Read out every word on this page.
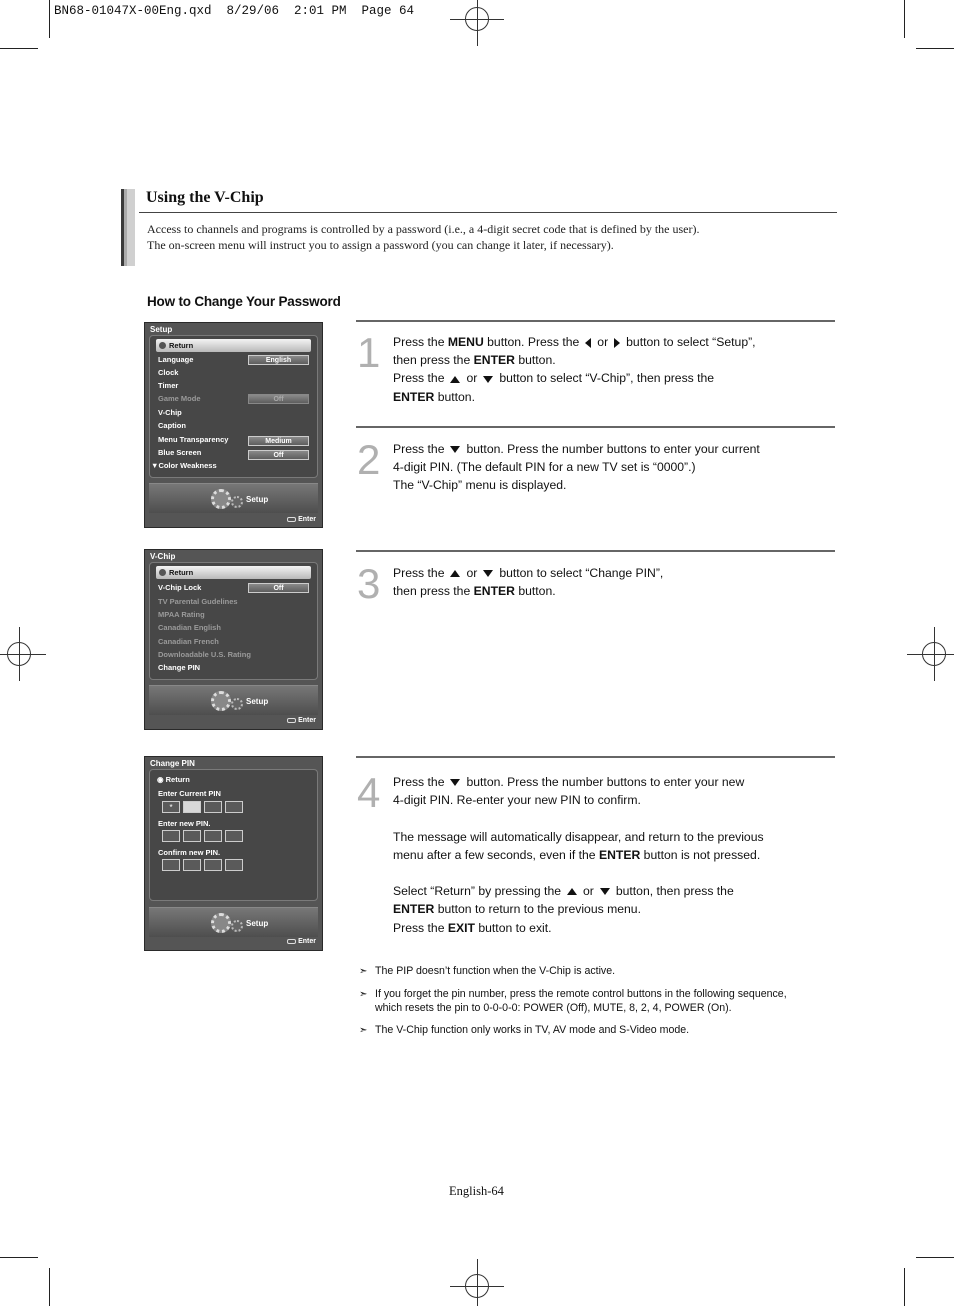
BN68-01047X-00Eng.qxd  8/29/06  2:01 PM  Page 64
Using the V-Chip
Access to channels and programs is controlled by a password (i.e., a 4-digit secret code that is defined by the user).
The on-screen menu will instruct you to assign a password (you can change it later, if necessary).
How to Change Your Password
Setup
Return
Language	English
Clock
Timer
Game Mode	Off
V-Chip
Caption
Menu Transparency	Medium
Blue Screen	Off
▼Color Weakness
Setup
Enter
V-Chip
Return
V-Chip Lock	Off
TV Parental Gudelines
MPAA Rating
Canadian English
Canadian French
Downloadable U.S. Rating
Change PIN
Setup
Enter
Change PIN
◉ Return
Enter Current PIN
*
Enter new PIN.
Confirm new PIN.
Setup
Enter
1 Press the MENU button. Press the or button to select “Setup”,
then press the ENTER button.
Press the or button to select “V-Chip”, then press the
ENTER button.
2 Press the button. Press the number buttons to enter your current
4-digit PIN. (The default PIN for a new TV set is “0000”.)
The “V-Chip” menu is displayed.
3 Press the or button to select “Change PIN”,
then press the ENTER button.
4 Press the button. Press the number buttons to enter your new
4-digit PIN. Re-enter your new PIN to confirm.
The message will automatically disappear, and return to the previous
menu after a few seconds, even if the ENTER button is not pressed.
Select “Return” by pressing the or button, then press the
ENTER button to return to the previous menu.
Press the EXIT button to exit.
➣ The PIP doesn’t function when the V-Chip is active.
➣ If you forget the pin number, press the remote control buttons in the following sequence,
which resets the pin to 0-0-0-0: POWER (Off), MUTE, 8, 2, 4, POWER (On).
➣ The V-Chip function only works in TV, AV mode and S-Video mode.
English-64
